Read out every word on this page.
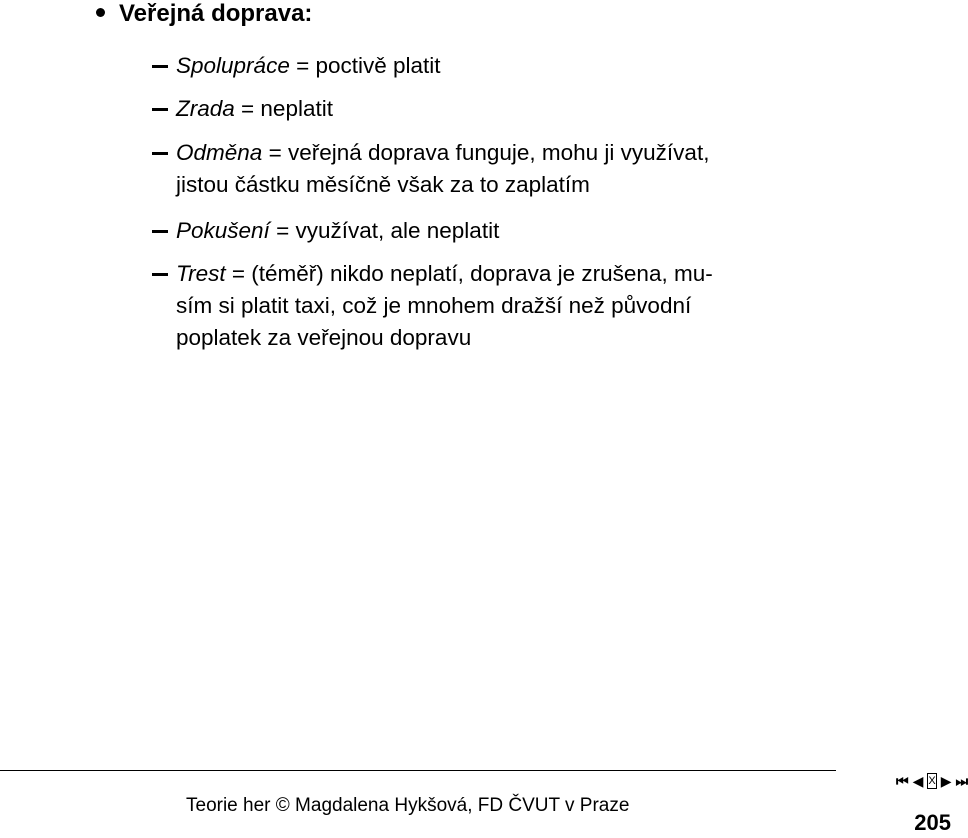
Veřejná doprava:
Spolupráce = poctivě platit
Zrada = neplatit
Odměna = veřejná doprava funguje, mohu ji využívat,
jistou částku měsíčně však za to zaplatím
Pokušení = využívat, ale neplatit
Trest = (téměř) nikdo neplatí, doprava je zrušena, mu-
sím si platit taxi, což je mnohem dražší než původní
poplatek za veřejnou dopravu
Teorie her © Magdalena Hykšová, FD ČVUT v Praze
⏮ ◀ X ▶ ⏭
205
